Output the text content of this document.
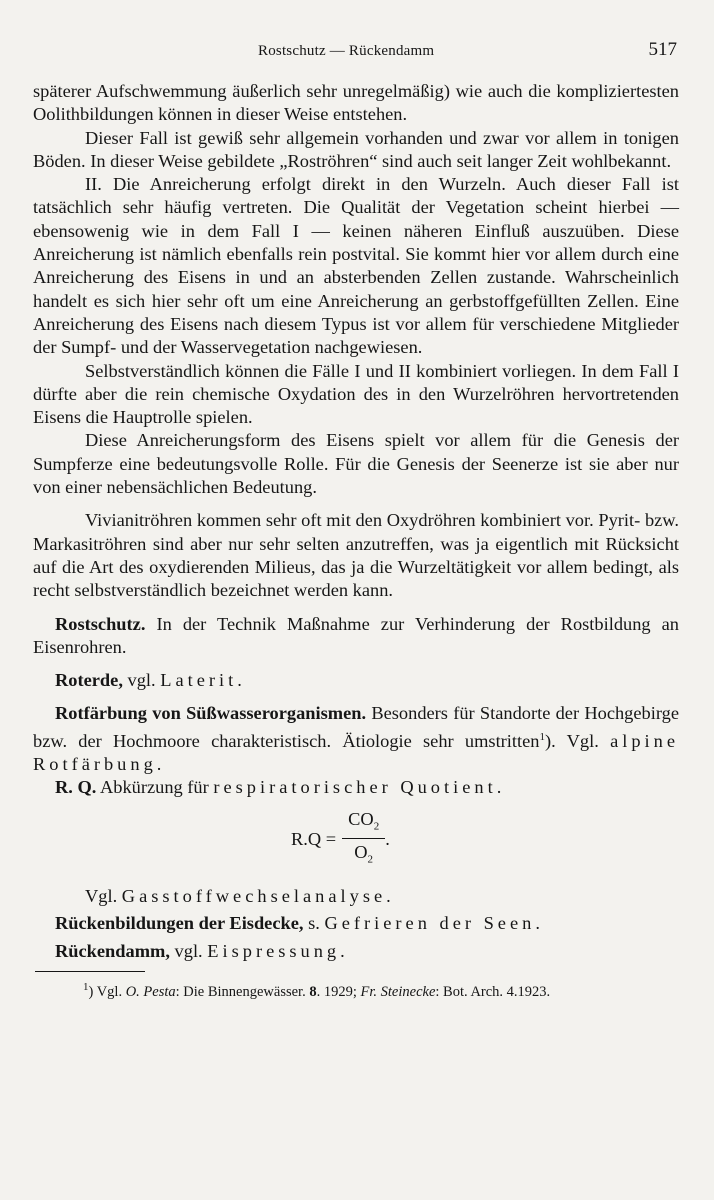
Rostschutz — Rückendamm	517

späterer Aufschwemmung äußerlich sehr unregelmäßig) wie auch die kompliziertesten Oolithbildungen können in dieser Weise entstehen.

Dieser Fall ist gewiß sehr allgemein vorhanden und zwar vor allem in tonigen Böden. In dieser Weise gebildete „Roströhren“ sind auch seit langer Zeit wohlbekannt.

II. Die Anreicherung erfolgt direkt in den Wurzeln. Auch dieser Fall ist tatsächlich sehr häufig vertreten. Die Qualität der Vegetation scheint hierbei — ebensowenig wie in dem Fall I — keinen näheren Einfluß auszuüben. Diese Anreicherung ist nämlich ebenfalls rein postvital. Sie kommt hier vor allem durch eine Anreicherung des Eisens in und an absterbenden Zellen zustande. Wahrscheinlich handelt es sich hier sehr oft um eine Anreicherung an gerbstoffgefüllten Zellen. Eine Anreicherung des Eisens nach diesem Typus ist vor allem für verschiedene Mitglieder der Sumpf- und der Wasservegetation nachgewiesen.

Selbstverständlich können die Fälle I und II kombiniert vorliegen. In dem Fall I dürfte aber die rein chemische Oxydation des in den Wurzelröhren hervortretenden Eisens die Hauptrolle spielen.

Diese Anreicherungsform des Eisens spielt vor allem für die Genesis der Sumpferze eine bedeutungsvolle Rolle. Für die Genesis der Seenerze ist sie aber nur von einer nebensächlichen Bedeutung.

Vivianitröhren kommen sehr oft mit den Oxydröhren kombiniert vor. Pyrit- bzw. Markasitröhren sind aber nur sehr selten anzutreffen, was ja eigentlich mit Rücksicht auf die Art des oxydierenden Milieus, das ja die Wurzeltätigkeit vor allem bedingt, als recht selbstverständlich bezeichnet werden kann.

Rostschutz. In der Technik Maßnahme zur Verhinderung der Rostbildung an Eisenrohren.

Roterde, vgl. Laterit.

Rotfärbung von Süßwasserorganismen. Besonders für Standorte der Hochgebirge bzw. der Hochmoore charakteristisch. Ätiologie sehr umstritten$^1$). Vgl. alpine Rotfärbung.

R. Q. Abkürzung für respiratorischer Quotient.

$R.Q = \frac{CO_2}{O_2}$ .

Vgl. Gasstoffwechselanalyse.

Rückenbildungen der Eisdecke, s. Gefrieren der Seen.

Rückendamm, vgl. Eispressung.

$^1$) Vgl. O. Pesta: Die Binnengewässer. 8. 1929; Fr. Steinecke: Bot. Arch. 4.1923.
